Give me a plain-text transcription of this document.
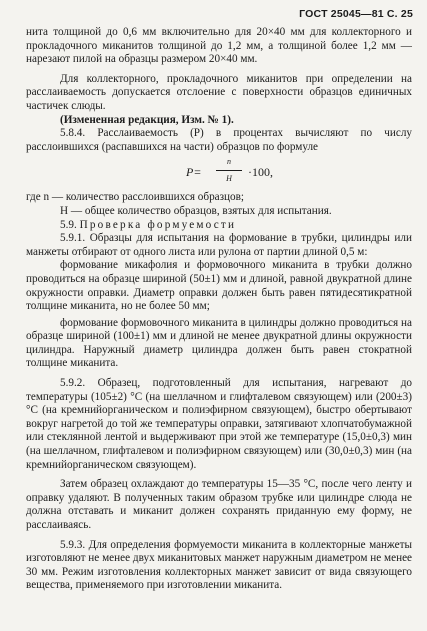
ГОСТ 25045—81 С. 25

нита толщиной до 0,6 мм включительно для 20×40 мм для коллекторного и прокладочного миканитов толщиной до 1,2 мм, а толщиной более 1,2 мм — нарезают пилой на образцы размером 20×40 мм.

Для коллекторного, прокладочного миканитов при определении на расслаиваемость допускается отслоение с поверхности образцов единичных частичек слюды.

(Измененная редакция, Изм. № 1).

5.8.4. Расслаиваемость (P) в процентах вычисляют по числу расслоившихся (распавшихся на части) образцов по формуле

P=
n
H	·100,

где n — количество расслоившихся образцов;

H — общее количество образцов, взятых для испытания.

5.9. Проверка формуемости

5.9.1. Образцы для испытания на формование в трубки, цилиндры или манжеты отбирают от одного листа или рулона от партии длиной 0,5 м:

формование микафолия и формовочного миканита в трубки должно проводиться на образце шириной (50±1) мм и длиной, равной двукратной длине окружности оправки. Диаметр оправки должен быть равен пятидесятикратной толщине миканита, но не более 50 мм;

формование формовочного миканита в цилиндры должно проводиться на образце шириной (100±1) мм и длиной не менее двукратной длины окружности цилиндра. Наружный диаметр цилиндра должен быть равен стократной толщине миканита.

5.9.2. Образец, подготовленный для испытания, нагревают до температуры (105±2) °С (на шеллачном и глифталевом связующем) или (200±3) °С (на кремнийорганическом и полиэфирном связующем), быстро обертывают вокруг нагретой до той же температуры оправки, затягивают хлопчатобумажной или стеклянной лентой и выдерживают при этой же температуре (15,0±0,3) мин (на шеллачном, глифталевом и полиэфирном связующем) или (30,0±0,3) мин (на кремнийорганическом связующем).

Затем образец охлаждают до температуры 15—35 °С, после чего ленту и оправку удаляют. В полученных таким образом трубке или цилиндре слюда не должна отставать и миканит должен сохранять приданную ему форму, не расслаиваясь.

5.9.3. Для определения формуемости миканита в коллекторные манжеты изготовляют не менее двух миканитовых манжет наружным диаметром не менее 30 мм. Режим изготовления коллекторных манжет зависит от вида связующего вещества, применяемого при изготовлении миканита.
